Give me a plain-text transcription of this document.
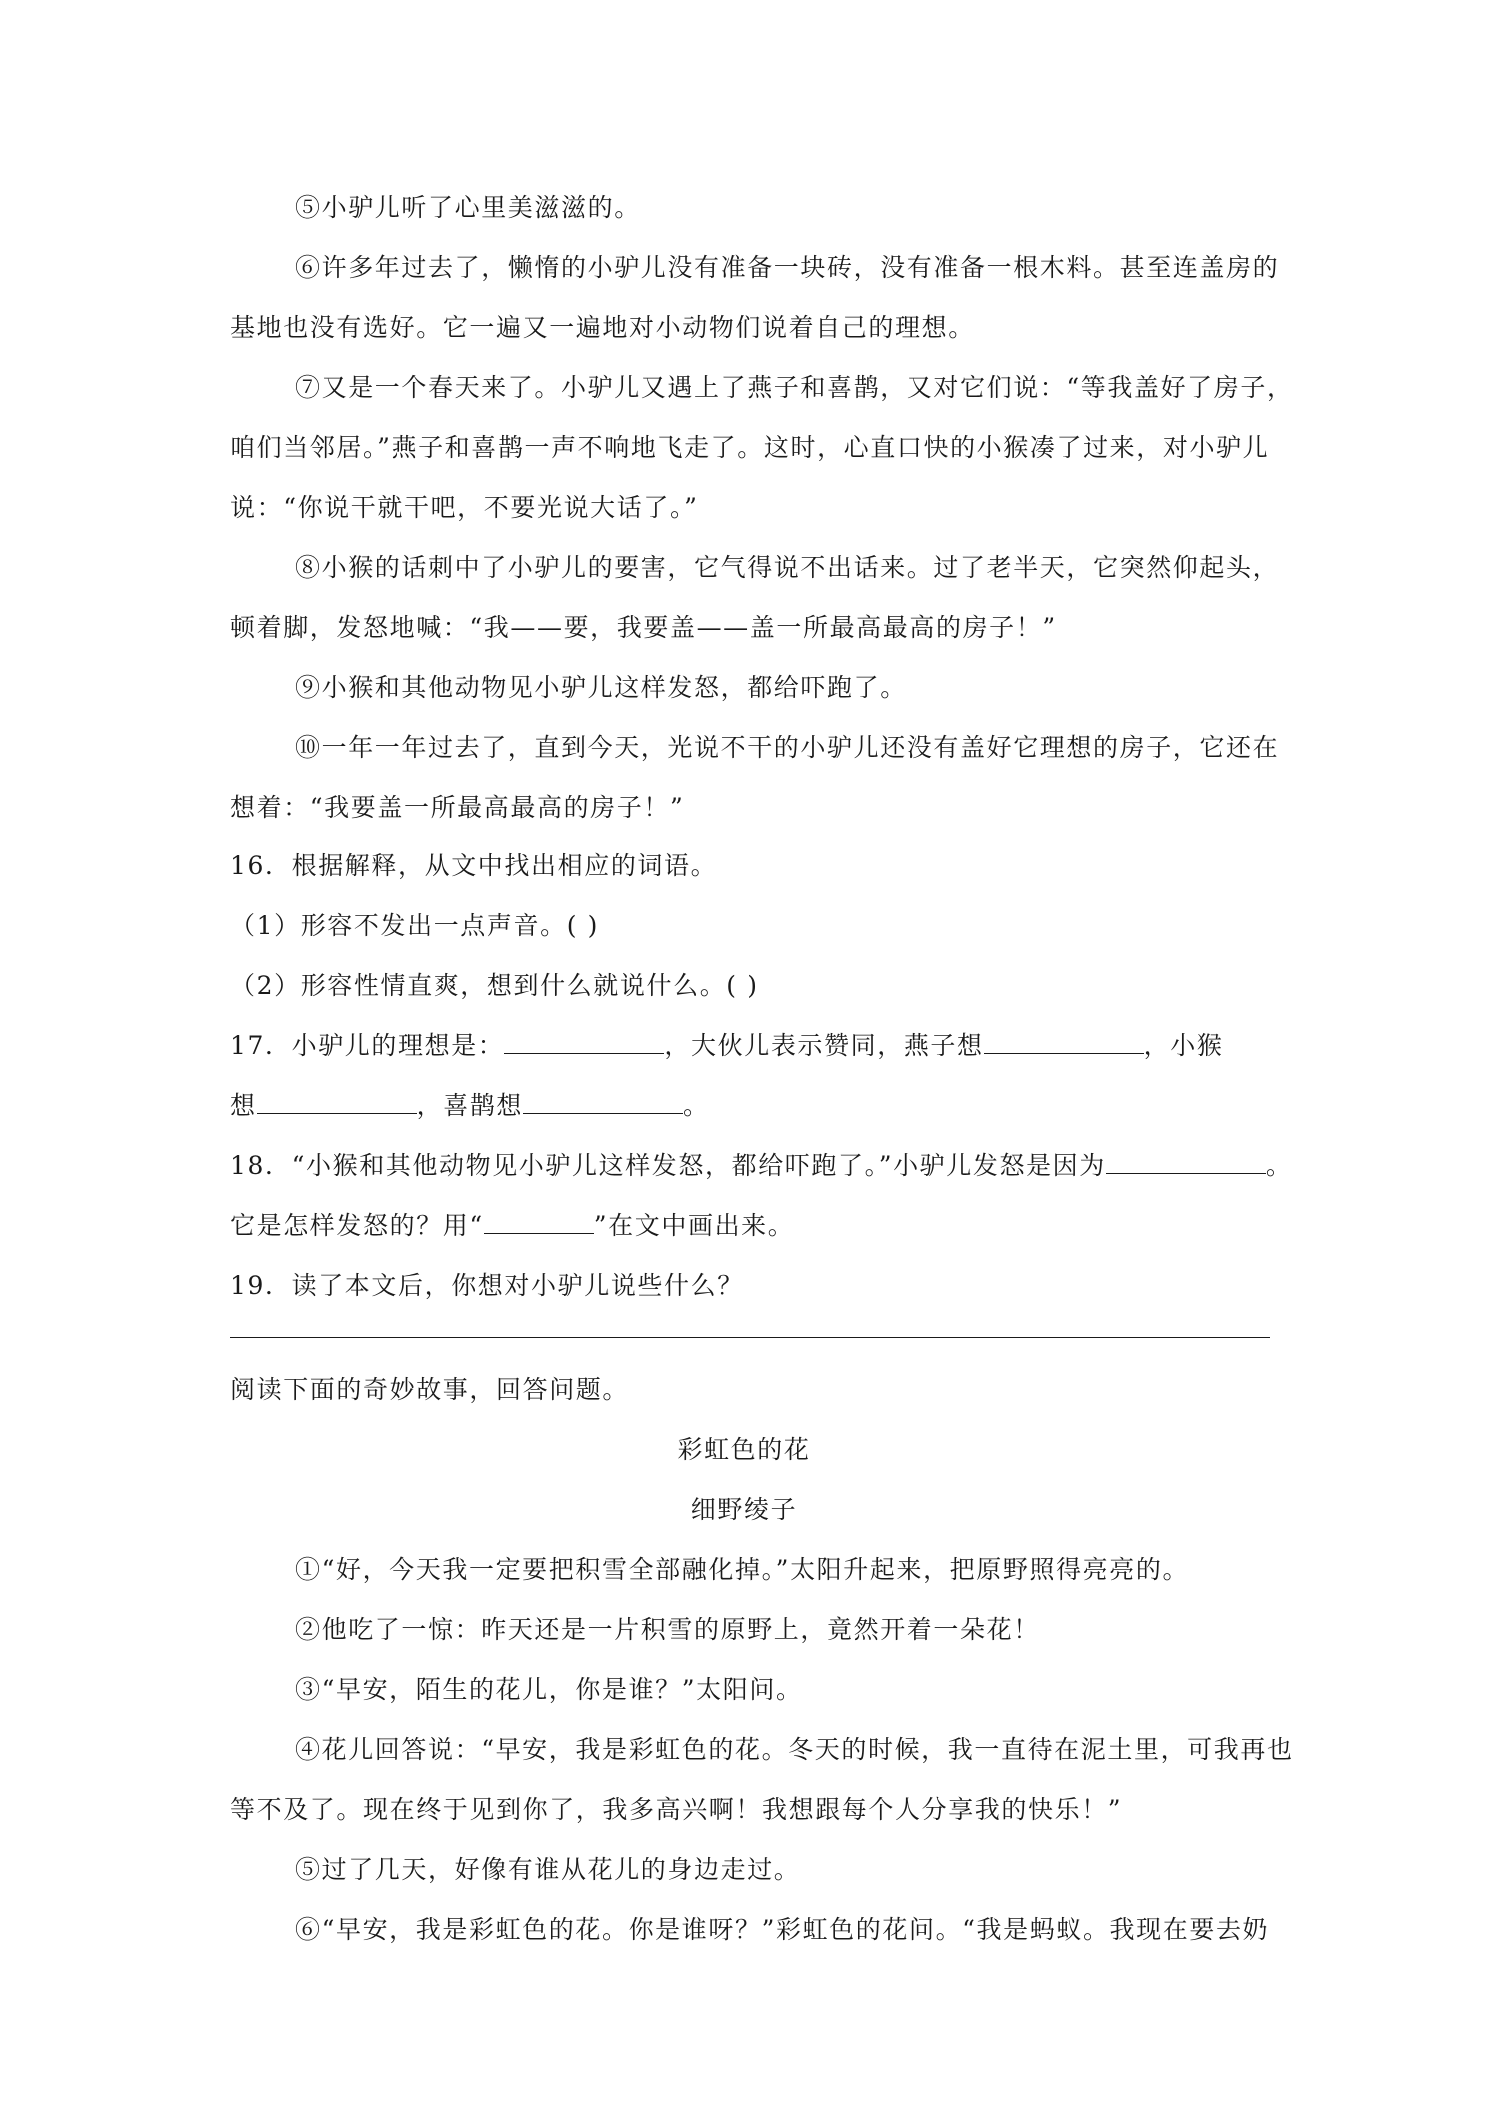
⑤小驴儿听了心里美滋滋的。
⑥许多年过去了，懒惰的小驴儿没有准备一块砖，没有准备一根木料。甚至连盖房的
基地也没有选好。它一遍又一遍地对小动物们说着自己的理想。
⑦又是一个春天来了。小驴儿又遇上了燕子和喜鹊，又对它们说：“等我盖好了房子，
咱们当邻居。”燕子和喜鹊一声不响地飞走了。这时，心直口快的小猴凑了过来，对小驴儿
说：“你说干就干吧，不要光说大话了。”
⑧小猴的话刺中了小驴儿的要害，它气得说不出话来。过了老半天，它突然仰起头，
顿着脚，发怒地喊：“我——要，我要盖——盖一所最高最高的房子！”
⑨小猴和其他动物见小驴儿这样发怒，都给吓跑了。
⑩一年一年过去了，直到今天，光说不干的小驴儿还没有盖好它理想的房子，它还在
想着：“我要盖一所最高最高的房子！”
16．根据解释，从文中找出相应的词语。
（1）形容不发出一点声音。( )
（2）形容性情直爽，想到什么就说什么。( )
17．小驴儿的理想是：	，大伙儿表示赞同，燕子想	，小猴
想	，喜鹊想	。
18．“小猴和其他动物见小驴儿这样发怒，都给吓跑了。”小驴儿发怒是因为	。
它是怎样发怒的？用“	”在文中画出来。
19．读了本文后，你想对小驴儿说些什么？
阅读下面的奇妙故事，回答问题。
彩虹色的花
细野绫子
①“好，今天我一定要把积雪全部融化掉。”太阳升起来，把原野照得亮亮的。
②他吃了一惊：昨天还是一片积雪的原野上，竟然开着一朵花！
③“早安，陌生的花儿，你是谁？”太阳问。
④花儿回答说：“早安，我是彩虹色的花。冬天的时候，我一直待在泥土里，可我再也
等不及了。现在终于见到你了，我多高兴啊！我想跟每个人分享我的快乐！”
⑤过了几天，好像有谁从花儿的身边走过。
⑥“早安，我是彩虹色的花。你是谁呀？”彩虹色的花问。“我是蚂蚁。我现在要去奶
